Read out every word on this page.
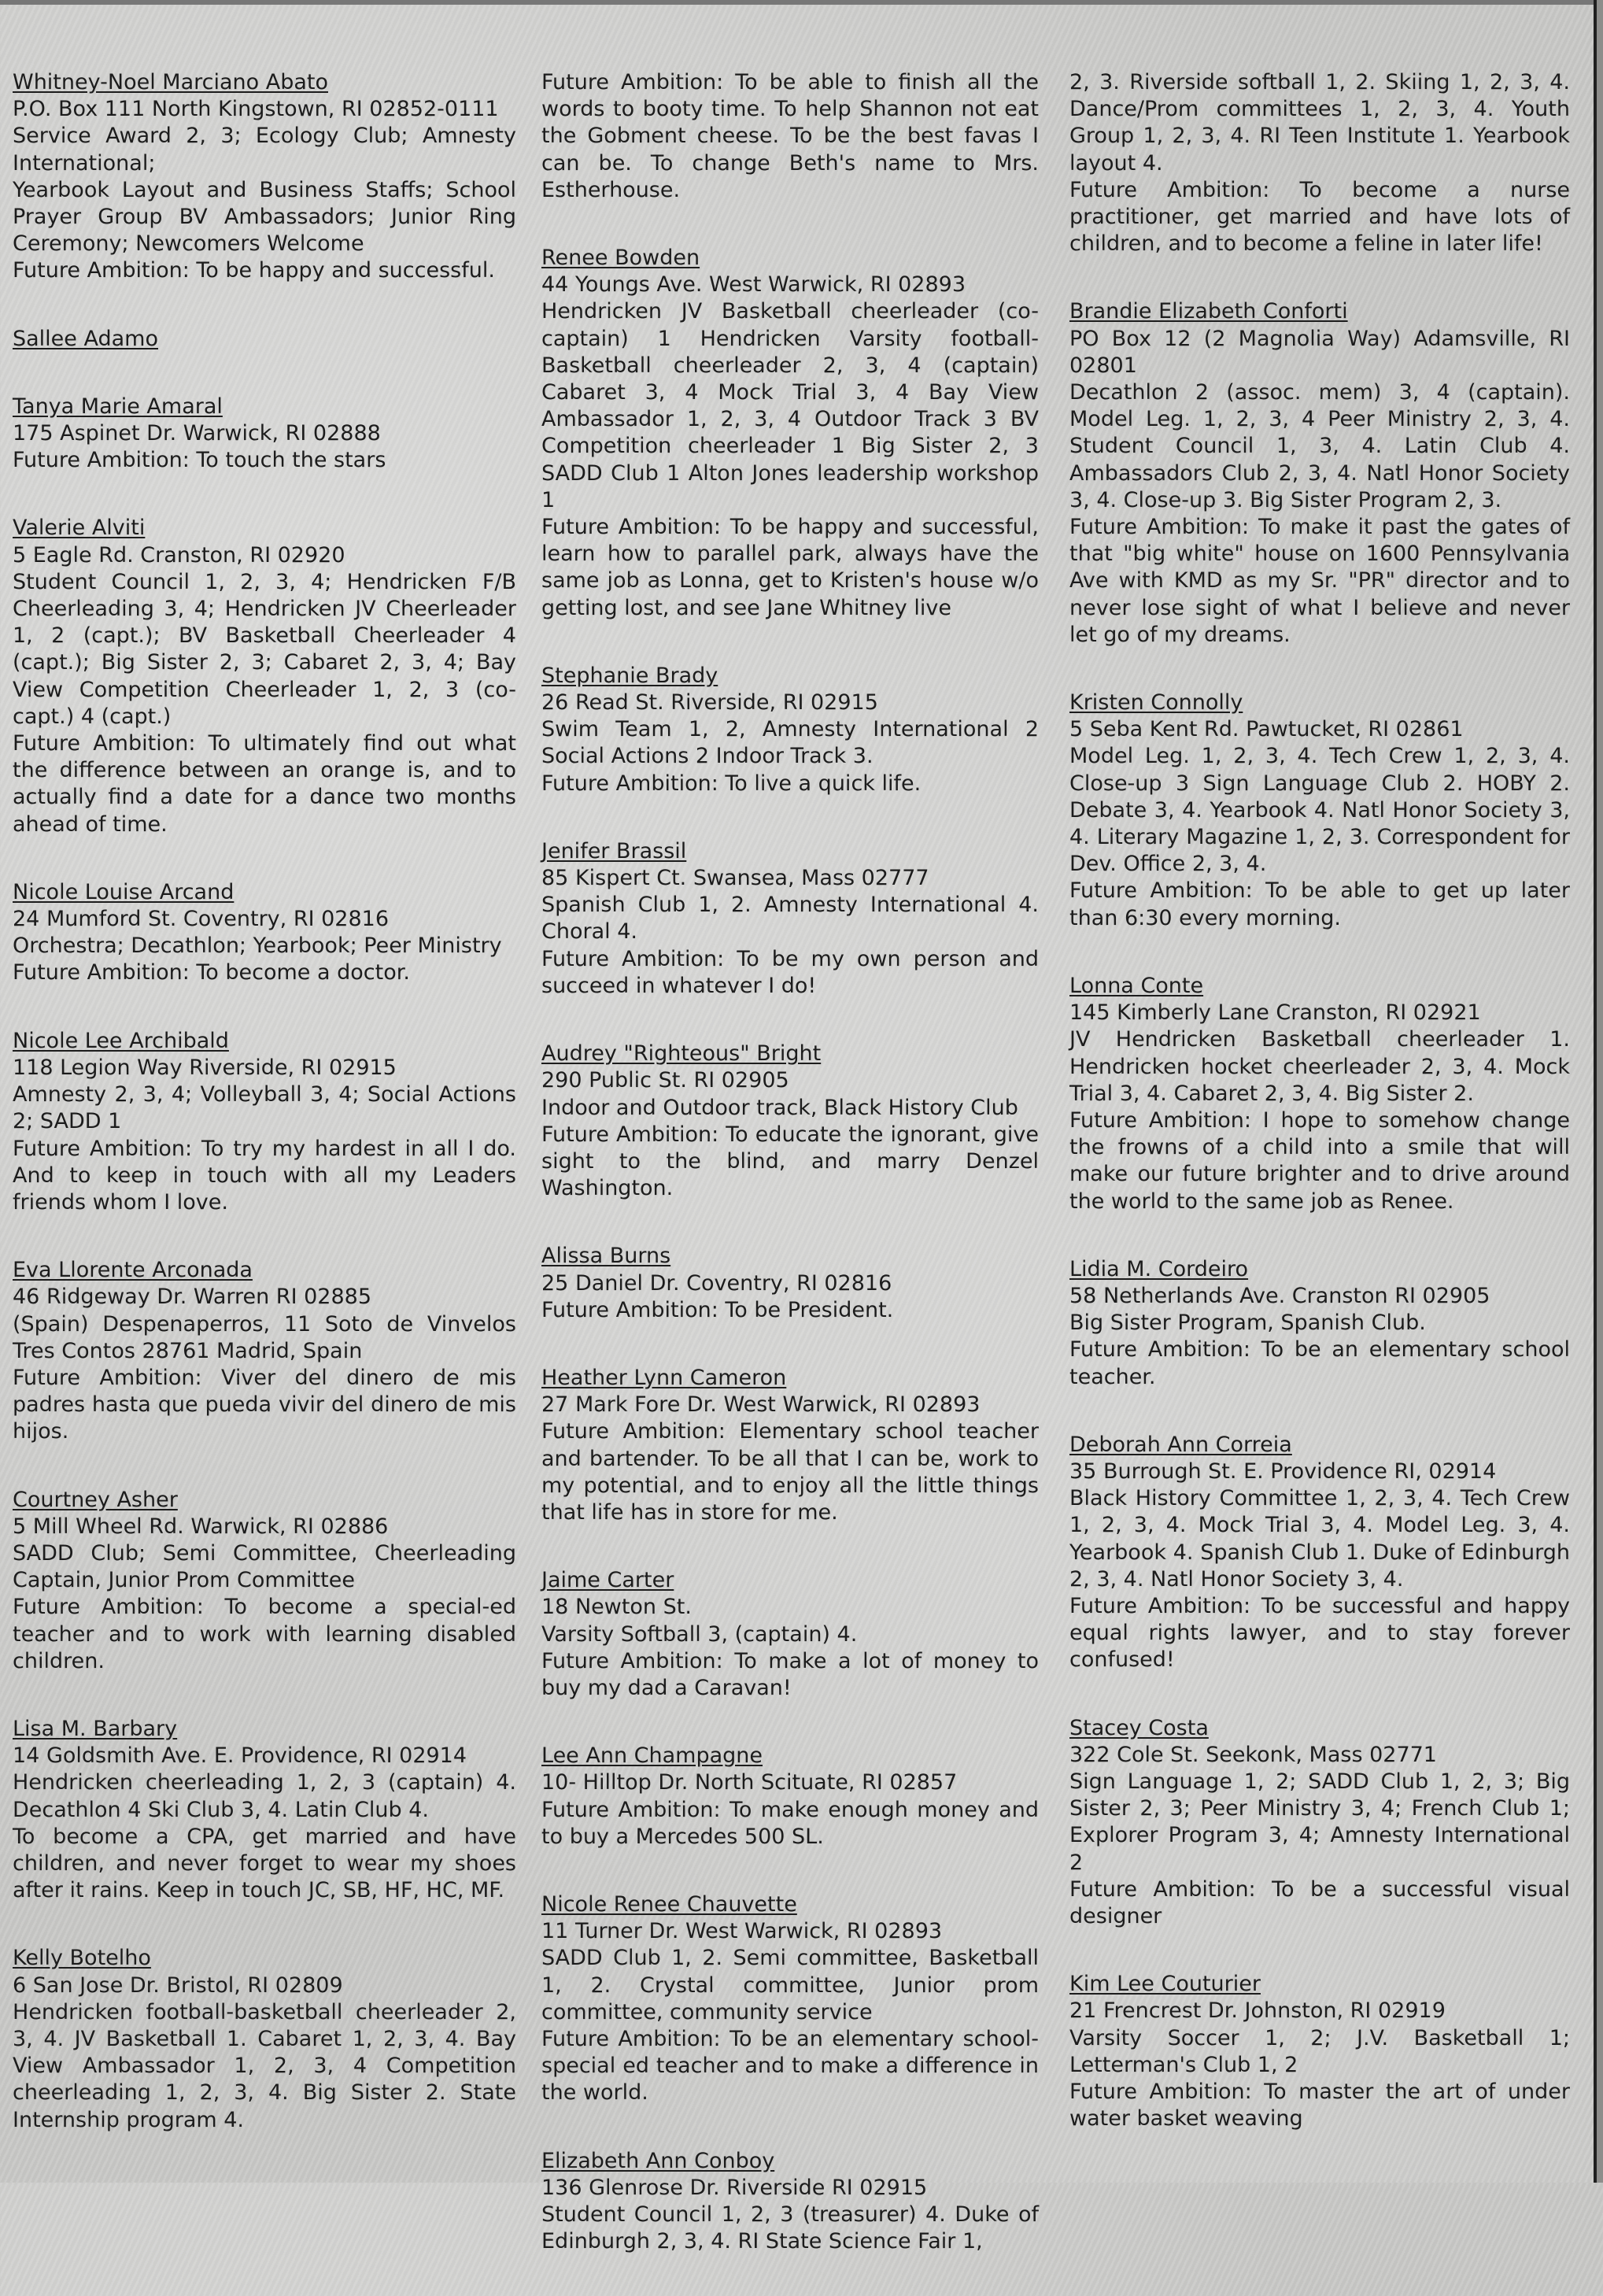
Whitney-Noel Marciano Abato
P.O. Box 111 North Kingstown, RI 02852-0111
Service Award 2, 3; Ecology Club; Amnesty International;
Yearbook Layout and Business Staffs; School Prayer Group BV Ambassadors; Junior Ring Ceremony; Newcomers Welcome
Future Ambition: To be happy and successful.
Sallee Adamo
Tanya Marie Amaral
175 Aspinet Dr. Warwick, RI 02888
Future Ambition: To touch the stars
Valerie Alviti
5 Eagle Rd. Cranston, RI 02920
Student Council 1, 2, 3, 4; Hendricken F/B Cheerleading 3, 4; Hendricken JV Cheerleader 1, 2 (capt.); BV Basketball Cheerleader 4 (capt.); Big Sister 2, 3; Cabaret 2, 3, 4; Bay View Competition Cheerleader 1, 2, 3 (co-capt.) 4 (capt.)
Future Ambition: To ultimately find out what the difference between an orange is, and to actually find a date for a dance two months ahead of time.
Nicole Louise Arcand
24 Mumford St. Coventry, RI 02816
Orchestra; Decathlon; Yearbook; Peer Ministry
Future Ambition: To become a doctor.
Nicole Lee Archibald
118 Legion Way Riverside, RI 02915
Amnesty 2, 3, 4; Volleyball 3, 4; Social Actions 2; SADD 1
Future Ambition: To try my hardest in all I do. And to keep in touch with all my Leaders friends whom I love.
Eva Llorente Arconada
46 Ridgeway Dr. Warren RI 02885
(Spain) Despenaperros, 11 Soto de Vinvelos Tres Contos 28761 Madrid, Spain
Future Ambition: Viver del dinero de mis padres hasta que pueda vivir del dinero de mis hijos.
Courtney Asher
5 Mill Wheel Rd. Warwick, RI 02886
SADD Club; Semi Committee, Cheerleading Captain, Junior Prom Committee
Future Ambition: To become a special-ed teacher and to work with learning disabled children.
Lisa M. Barbary
14 Goldsmith Ave. E. Providence, RI 02914
Hendricken cheerleading 1, 2, 3 (captain) 4. Decathlon 4 Ski Club 3, 4. Latin Club 4.
To become a CPA, get married and have children, and never forget to wear my shoes after it rains. Keep in touch JC, SB, HF, HC, MF.
Kelly Botelho
6 San Jose Dr. Bristol, RI 02809
Hendricken football-basketball cheerleader 2, 3, 4. JV Basketball 1. Cabaret 1, 2, 3, 4. Bay View Ambassador 1, 2, 3, 4 Competition cheerleading 1, 2, 3, 4. Big Sister 2. State Internship program 4.
Future Ambition: To be able to finish all the words to booty time. To help Shannon not eat the Gobment cheese. To be the best favas I can be. To change Beth's name to Mrs. Estherhouse.
Renee Bowden
44 Youngs Ave. West Warwick, RI 02893
Hendricken JV Basketball cheerleader (co-captain) 1 Hendricken Varsity football-Basketball cheerleader 2, 3, 4 (captain) Cabaret 3, 4 Mock Trial 3, 4 Bay View Ambassador 1, 2, 3, 4 Outdoor Track 3 BV Competition cheerleader 1 Big Sister 2, 3 SADD Club 1 Alton Jones leadership workshop 1
Future Ambition: To be happy and successful, learn how to parallel park, always have the same job as Lonna, get to Kristen's house w/o getting lost, and see Jane Whitney live
Stephanie Brady
26 Read St. Riverside, RI 02915
Swim Team 1, 2, Amnesty International 2 Social Actions 2 Indoor Track 3.
Future Ambition: To live a quick life.
Jenifer Brassil
85 Kispert Ct. Swansea, Mass 02777
Spanish Club 1, 2. Amnesty International 4. Choral 4.
Future Ambition: To be my own person and succeed in whatever I do!
Audrey "Righteous" Bright
290 Public St. RI 02905
Indoor and Outdoor track, Black History Club
Future Ambition: To educate the ignorant, give sight to the blind, and marry Denzel Washington.
Alissa Burns
25 Daniel Dr. Coventry, RI 02816
Future Ambition: To be President.
Heather Lynn Cameron
27 Mark Fore Dr. West Warwick, RI 02893
Future Ambition: Elementary school teacher and bartender. To be all that I can be, work to my potential, and to enjoy all the little things that life has in store for me.
Jaime Carter
18 Newton St.
Varsity Softball 3, (captain) 4.
Future Ambition: To make a lot of money to buy my dad a Caravan!
Lee Ann Champagne
10- Hilltop Dr. North Scituate, RI 02857
Future Ambition: To make enough money and to buy a Mercedes 500 SL.
Nicole Renee Chauvette
11 Turner Dr. West Warwick, RI 02893
SADD Club 1, 2. Semi committee, Basketball 1, 2. Crystal committee, Junior prom committee, community service
Future Ambition: To be an elementary school-special ed teacher and to make a difference in the world.
Elizabeth Ann Conboy
136 Glenrose Dr. Riverside RI 02915
Student Council 1, 2, 3 (treasurer) 4. Duke of Edinburgh 2, 3, 4. RI State Science Fair 1,
2, 3. Riverside softball 1, 2. Skiing 1, 2, 3, 4. Dance/Prom committees 1, 2, 3, 4. Youth Group 1, 2, 3, 4. RI Teen Institute 1. Yearbook layout 4.
Future Ambition: To become a nurse practitioner, get married and have lots of children, and to become a feline in later life!
Brandie Elizabeth Conforti
PO Box 12 (2 Magnolia Way) Adamsville, RI 02801
Decathlon 2 (assoc. mem) 3, 4 (captain). Model Leg. 1, 2, 3, 4 Peer Ministry 2, 3, 4. Student Council 1, 3, 4. Latin Club 4. Ambassadors Club 2, 3, 4. Natl Honor Society 3, 4. Close-up 3. Big Sister Program 2, 3.
Future Ambition: To make it past the gates of that "big white" house on 1600 Pennsylvania Ave with KMD as my Sr. "PR" director and to never lose sight of what I believe and never let go of my dreams.
Kristen Connolly
5 Seba Kent Rd. Pawtucket, RI 02861
Model Leg. 1, 2, 3, 4. Tech Crew 1, 2, 3, 4. Close-up 3 Sign Language Club 2. HOBY 2. Debate 3, 4. Yearbook 4. Natl Honor Society 3, 4. Literary Magazine 1, 2, 3. Correspondent for Dev. Office 2, 3, 4.
Future Ambition: To be able to get up later than 6:30 every morning.
Lonna Conte
145 Kimberly Lane Cranston, RI 02921
JV Hendricken Basketball cheerleader 1. Hendricken hocket cheerleader 2, 3, 4. Mock Trial 3, 4. Cabaret 2, 3, 4. Big Sister 2.
Future Ambition: I hope to somehow change the frowns of a child into a smile that will make our future brighter and to drive around the world to the same job as Renee.
Lidia M. Cordeiro
58 Netherlands Ave. Cranston RI 02905
Big Sister Program, Spanish Club.
Future Ambition: To be an elementary school teacher.
Deborah Ann Correia
35 Burrough St. E. Providence RI, 02914
Black History Committee 1, 2, 3, 4. Tech Crew 1, 2, 3, 4. Mock Trial 3, 4. Model Leg. 3, 4. Yearbook 4. Spanish Club 1. Duke of Edinburgh 2, 3, 4. Natl Honor Society 3, 4.
Future Ambition: To be successful and happy equal rights lawyer, and to stay forever confused!
Stacey Costa
322 Cole St. Seekonk, Mass 02771
Sign Language 1, 2; SADD Club 1, 2, 3; Big Sister 2, 3; Peer Ministry 3, 4; French Club 1; Explorer Program 3, 4; Amnesty International 2
Future Ambition: To be a successful visual designer
Kim Lee Couturier
21 Frencrest Dr. Johnston, RI 02919
Varsity Soccer 1, 2; J.V. Basketball 1; Letterman's Club 1, 2
Future Ambition: To master the art of under water basket weaving
